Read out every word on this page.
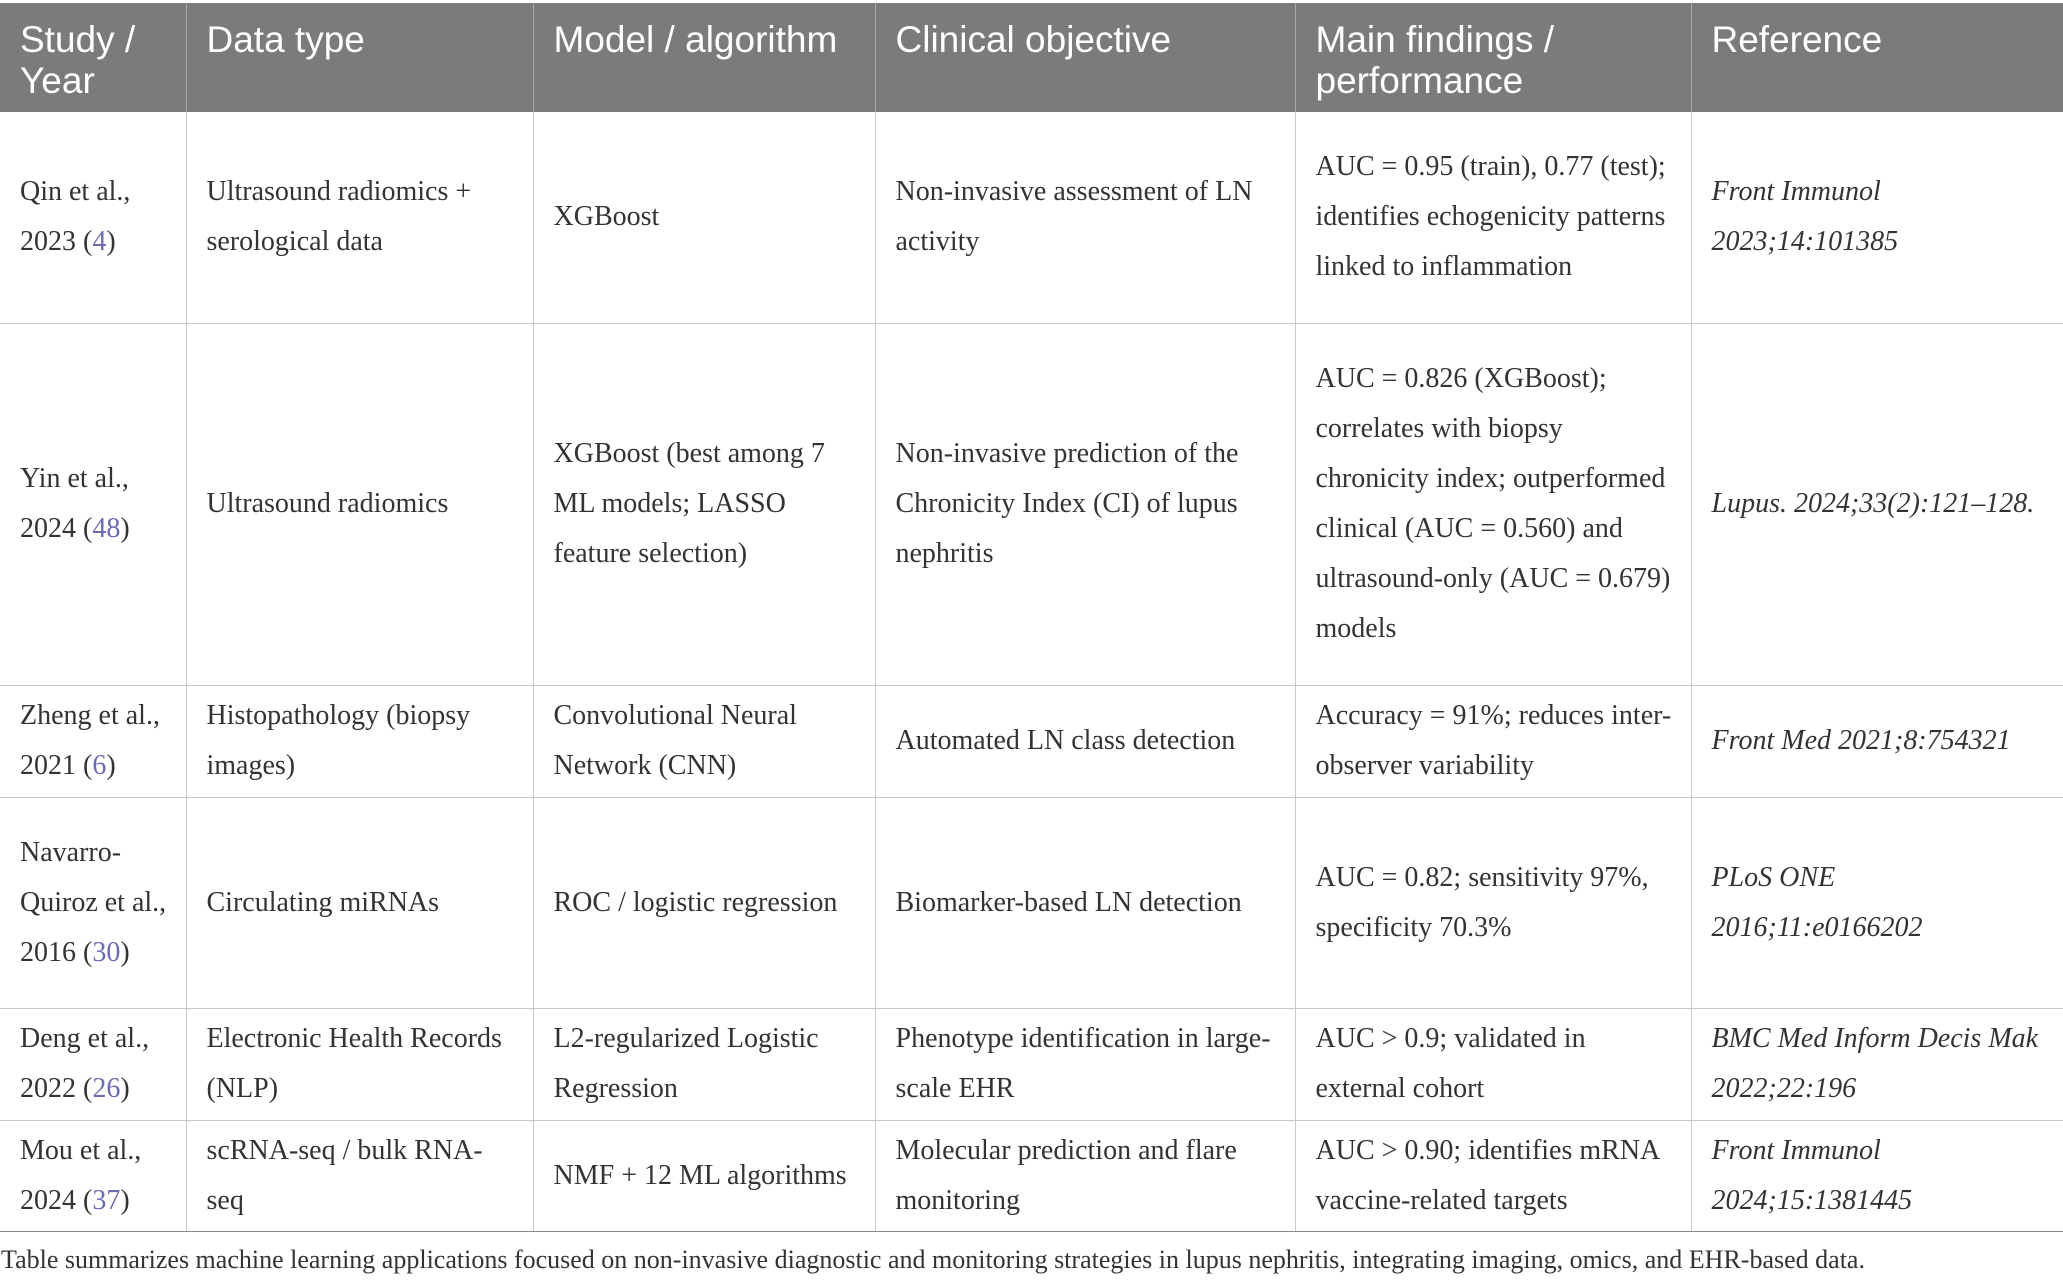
Study / Year	Data type	Model / algorithm	Clinical objective	Main findings / performance	Reference
Qin et al., 2023 (4)	Ultrasound radiomics + serological data	XGBoost	Non-invasive assessment of LN activity	AUC = 0.95 (train), 0.77 (test); identifies echogenicity patterns linked to inflammation	Front Immunol 2023;14:101385
Yin et al., 2024 (48)	Ultrasound radiomics	XGBoost (best among 7 ML models; LASSO feature selection)	Non-invasive prediction of the Chronicity Index (CI) of lupus nephritis	AUC = 0.826 (XGBoost); correlates with biopsy chronicity index; outperformed clinical (AUC = 0.560) and ultrasound-only (AUC = 0.679) models	Lupus. 2024;33(2):121–128.
Zheng et al., 2021 (6)	Histopathology (biopsy images)	Convolutional Neural Network (CNN)	Automated LN class detection	Accuracy = 91%; reduces inter-observer variability	Front Med 2021;8:754321
Navarro-Quiroz et al., 2016 (30)	Circulating miRNAs	ROC / logistic regression	Biomarker-based LN detection	AUC = 0.82; sensitivity 97%, specificity 70.3%	PLoS ONE 2016;11:e0166202
Deng et al., 2022 (26)	Electronic Health Records (NLP)	L2-regularized Logistic Regression	Phenotype identification in large-scale EHR	AUC > 0.9; validated in external cohort	BMC Med Inform Decis Mak 2022;22:196
Mou et al., 2024 (37)	scRNA-seq / bulk RNA-seq	NMF + 12 ML algorithms	Molecular prediction and flare monitoring	AUC > 0.90; identifies mRNA vaccine-related targets	Front Immunol 2024;15:1381445
Table summarizes machine learning applications focused on non-invasive diagnostic and monitoring strategies in lupus nephritis, integrating imaging, omics, and EHR-based data.
